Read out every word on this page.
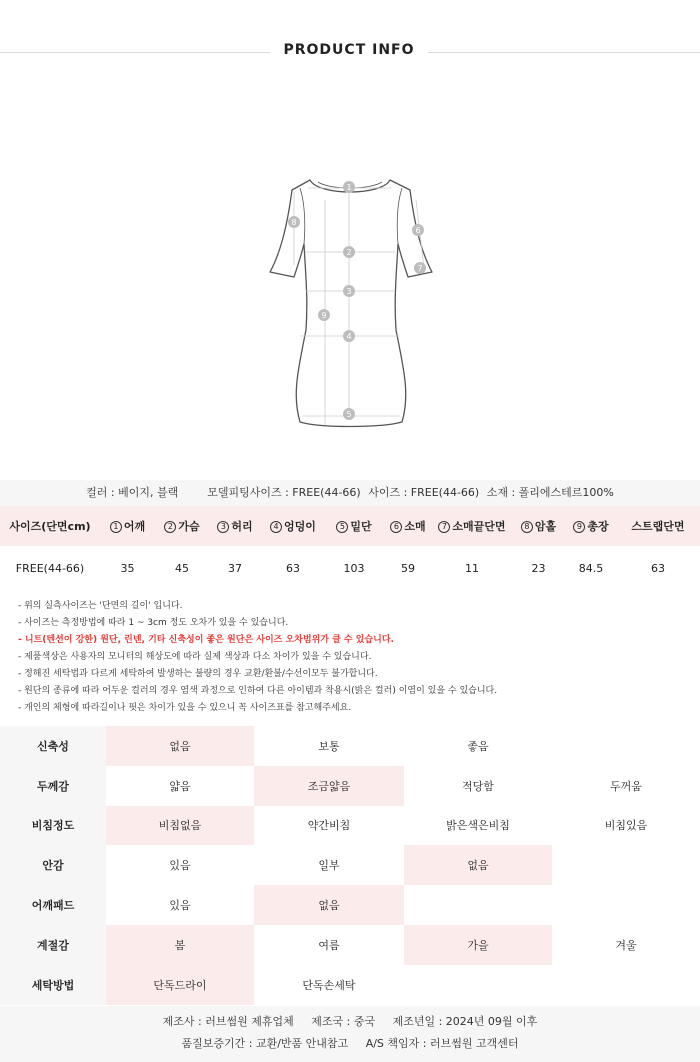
PRODUCT INFO
1
2
3
4
5
6
7
8
9
컬러 : 베이지, 블랙	모델피팅사이즈 : FREE(44-66) 사이즈 : FREE(44-66) 소재 : 폴리에스테르100%
사이즈(단면cm)	1 어깨	2 가슴	3 허리	4 엉덩이	5 밑단	6 소매	7 소매끝단면	8 암홀	9 총장	스트랩단면
FREE(44-66)	35	45	37	63	103	59	11	23	84.5	63
- 위의 실측사이즈는 '단면의 길이' 입니다.
- 사이즈는 측정방법에 따라 1 ~ 3cm 정도 오차가 있을 수 있습니다.
- 니트(텐션이 강한) 원단, 린넨, 기타 신축성이 좋은 원단은 사이즈 오차범위가 클 수 있습니다.
- 제품색상은 사용자의 모니터의 해상도에 따라 실제 색상과 다소 차이가 있을 수 있습니다.
- 정해진 세탁법과 다르게 세탁하여 발생하는 불량의 경우 교환/환불/수선이모두 불가합니다.
- 원단의 종류에 따라 어두운 컬러의 경우 염색 과정으로 인하여 다른 아이템과 착용시(밝은 컬러) 이염이 있을 수 있습니다.
- 개인의 체형에 따라길이나 핏은 차이가 있을 수 있으니 꼭 사이즈표를 참고해주세요.
신축성	없음	보통	좋음	
두께감	얇음	조금얇음	적당함	두꺼움
비침정도	비침없음	약간비침	밝은색은비침	비침있음
안감	있음	일부	없음	
어깨패드	있음	없음		
계절감	봄	여름	가을	겨울
세탁방법	단독드라이	단독손세탁		
제조사 : 러브썸원 제휴업체 제조국 : 중국 제조년일 : 2024년 09월 이후
품질보증기간 : 교환/반품 안내참고 A/S 책임자 : 러브썸원 고객센터
